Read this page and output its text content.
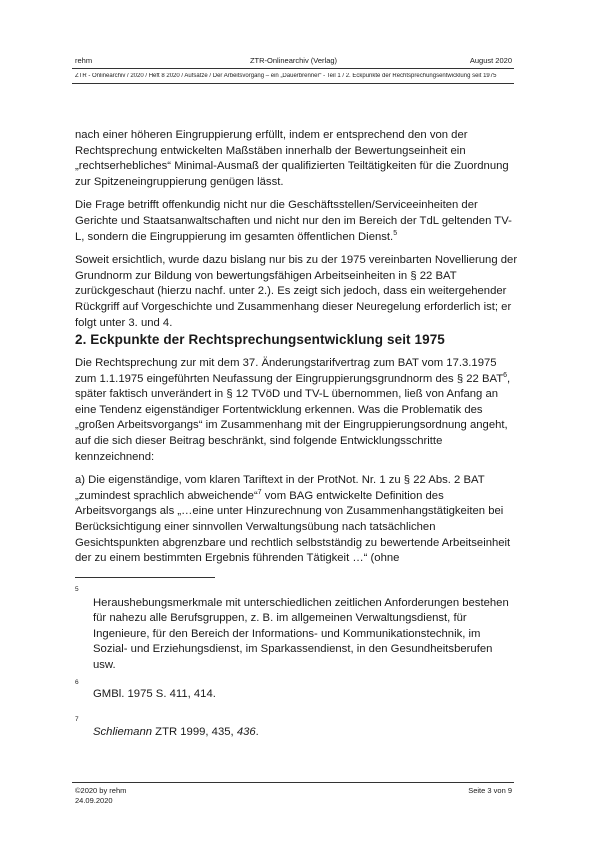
rehm	ZTR-Onlinearchiv (Verlag)	August 2020
ZTR - Onlinearchiv / 2020 / Heft 8 2020 / Aufsätze / Der Arbeitsvorgang – ein „Dauerbrenner“ - Teil 1 / 2. Eckpunkte der Rechtsprechungsentwicklung seit 1975

nach einer höheren Eingruppierung erfüllt, indem er entsprechend den von der Rechtsprechung entwickelten Maßstäben innerhalb der Bewertungseinheit ein „rechtserhebliches“ Minimal-Ausmaß der qualifizierten Teiltätigkeiten für die Zuordnung zur Spitzeneingruppierung genügen lässt.

Die Frage betrifft offenkundig nicht nur die Geschäftsstellen/Serviceeinheiten der Gerichte und Staatsanwaltschaften und nicht nur den im Bereich der TdL geltenden TV-L, sondern die Eingruppierung im gesamten öffentlichen Dienst.$^5$

Soweit ersichtlich, wurde dazu bislang nur bis zu der 1975 vereinbarten Novellierung der Grundnorm zur Bildung von bewertungsfähigen Arbeitseinheiten in § 22 BAT zurückgeschaut (hierzu nachf. unter 2.). Es zeigt sich jedoch, dass ein weitergehender Rückgriff auf Vorgeschichte und Zusammenhang dieser Neuregelung erforderlich ist; er folgt unter 3. und 4.

2. Eckpunkte der Rechtsprechungsentwicklung seit 1975

Die Rechtsprechung zur mit dem 37. Änderungstarifvertrag zum BAT vom 17.3.1975 zum 1.1.1975 eingeführten Neufassung der Eingruppierungsgrundnorm des § 22 BAT$^6$, später faktisch unverändert in § 12 TVöD und TV-L übernommen, ließ von Anfang an eine Tendenz eigenständiger Fortentwicklung erkennen. Was die Problematik des „großen Arbeitsvorgangs“ im Zusammenhang mit der Eingruppierungsordnung angeht, auf die sich dieser Beitrag beschränkt, sind folgende Entwicklungsschritte kennzeichnend:

a) Die eigenständige, vom klaren Tariftext in der ProtNot. Nr. 1 zu § 22 Abs. 2 BAT „zumindest sprachlich abweichende“$^7$ vom BAG entwickelte Definition des Arbeitsvorgangs als „…eine unter Hinzurechnung von Zusammenhangstätigkeiten bei Berücksichtigung einer sinnvollen Verwaltungsübung nach tatsächlichen Gesichtspunkten abgrenzbare und rechtlich selbstständig zu bewertende Arbeitseinheit der zu einem bestimmten Ergebnis führenden Tätigkeit …“ (ohne

5
Heraushebungsmerkmale mit unterschiedlichen zeitlichen Anforderungen bestehen für nahezu alle Berufsgruppen, z. B. im allgemeinen Verwaltungsdienst, für Ingenieure, für den Bereich der Informations- und Kommunikationstechnik, im Sozial- und Erziehungsdienst, im Sparkassendienst, in den Gesundheitsberufen usw.
6
GMBl. 1975 S. 411, 414.
7
Schliemann ZTR 1999, 435, 436.
©2020 by rehm
24.09.2020
Seite 3 von 9
